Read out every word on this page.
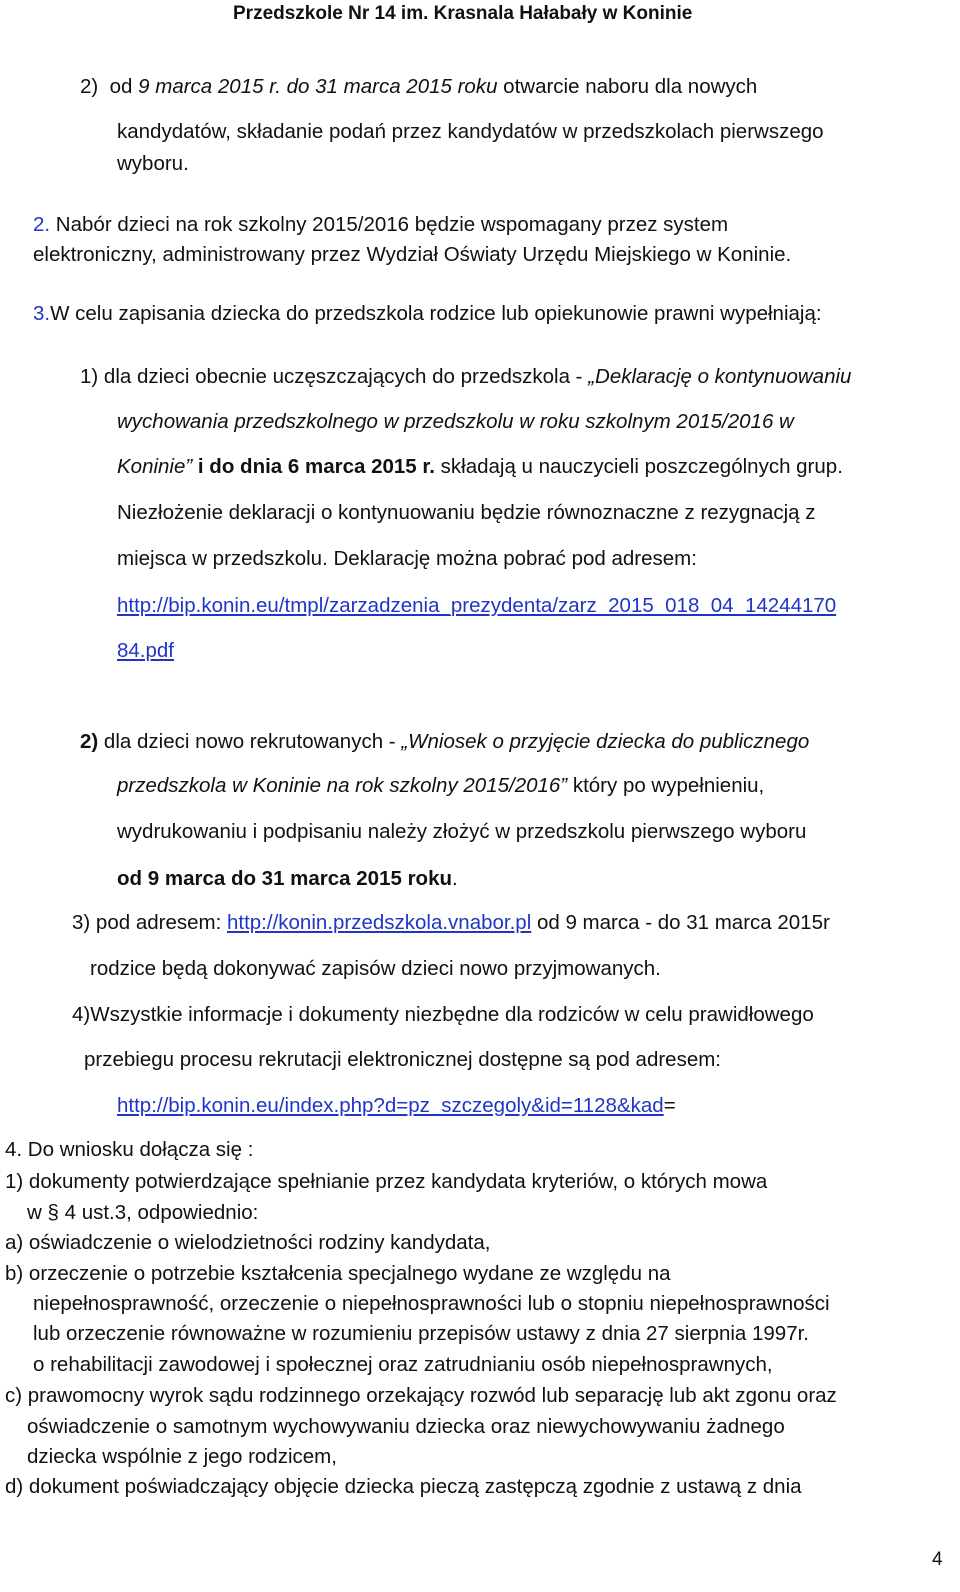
Przedszkole Nr 14 im. Krasnala Hałabały w Koninie
2) od 9 marca 2015 r. do 31 marca 2015 roku otwarcie naboru dla nowych
kandydatów, składanie podań przez kandydatów w przedszkolach pierwszego
wyboru.
2. Nabór dzieci na rok szkolny 2015/2016 będzie wspomagany przez system
elektroniczny, administrowany przez Wydział Oświaty Urzędu Miejskiego w Koninie.
3.W celu zapisania dziecka do przedszkola rodzice lub opiekunowie prawni wypełniają:
1) dla dzieci obecnie uczęszczających do przedszkola - „Deklarację o kontynuowaniu
wychowania przedszkolnego w przedszkolu w roku szkolnym 2015/2016 w
Koninie” i do dnia 6 marca 2015 r. składają u nauczycieli poszczególnych grup.
Niezłożenie deklaracji o kontynuowaniu będzie równoznaczne z rezygnacją z
miejsca w przedszkolu. Deklarację można pobrać pod adresem:
http://bip.konin.eu/tmpl/zarzadzenia_prezydenta/zarz_2015_018_04_14244170
84.pdf
2) dla dzieci nowo rekrutowanych - „Wniosek o przyjęcie dziecka do publicznego
przedszkola w Koninie na rok szkolny 2015/2016” który po wypełnieniu,
wydrukowaniu i podpisaniu należy złożyć w przedszkolu pierwszego wyboru
od 9 marca do 31 marca 2015 roku.
3) pod adresem: http://konin.przedszkola.vnabor.pl od 9 marca - do 31 marca 2015r
rodzice będą dokonywać zapisów dzieci nowo przyjmowanych.
4)Wszystkie informacje i dokumenty niezbędne dla rodziców w celu prawidłowego
przebiegu procesu rekrutacji elektronicznej dostępne są pod adresem:
http://bip.konin.eu/index.php?d=pz_szczegoly&id=1128&kad=
4. Do wniosku dołącza się :
1) dokumenty potwierdzające spełnianie przez kandydata kryteriów, o których mowa
w § 4 ust.3, odpowiednio:
a) oświadczenie o wielodzietności rodziny kandydata,
b) orzeczenie o potrzebie kształcenia specjalnego wydane ze względu na
niepełnosprawność, orzeczenie o niepełnosprawności lub o stopniu niepełnosprawności
lub orzeczenie równoważne w rozumieniu przepisów ustawy z dnia 27 sierpnia 1997r.
o rehabilitacji zawodowej i społecznej oraz zatrudnianiu osób niepełnosprawnych,
c) prawomocny wyrok sądu rodzinnego orzekający rozwód lub separację lub akt zgonu oraz
oświadczenie o samotnym wychowywaniu dziecka oraz niewychowywaniu żadnego
dziecka wspólnie z jego rodzicem,
d) dokument poświadczający objęcie dziecka pieczą zastępczą zgodnie z ustawą z dnia
4
